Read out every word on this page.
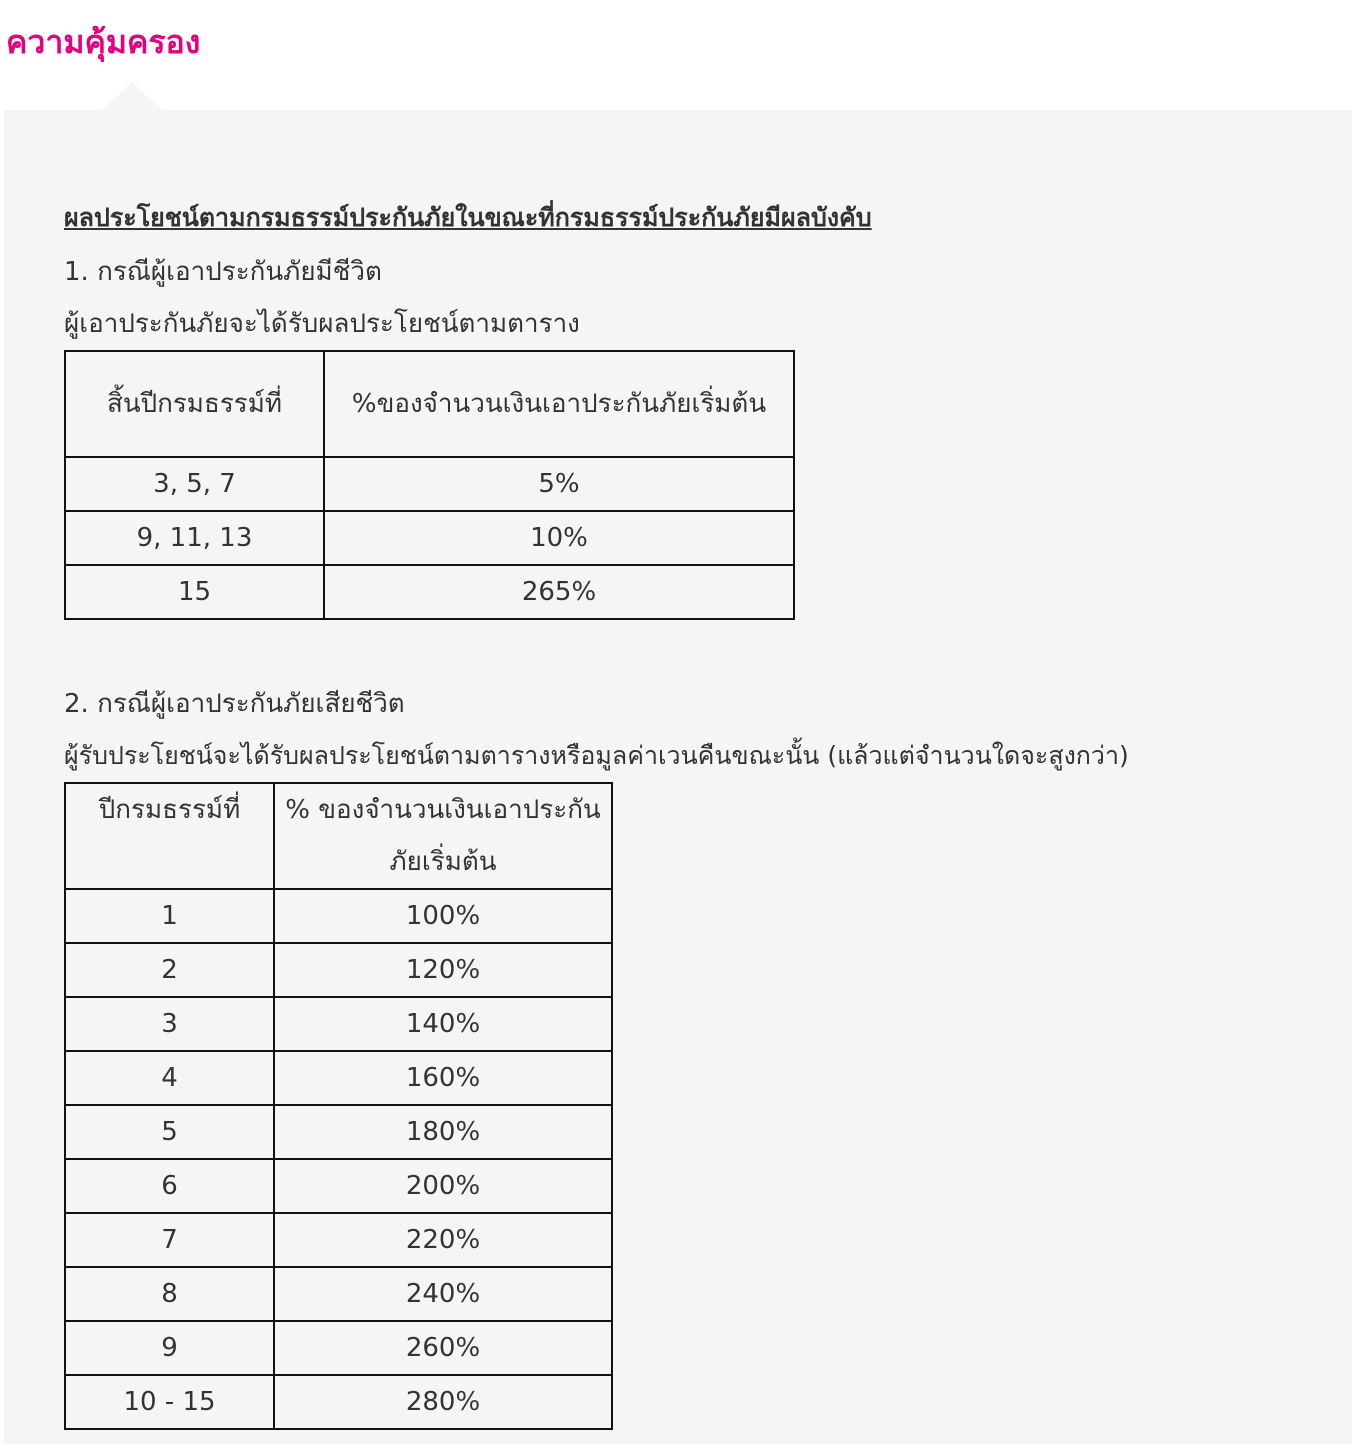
ความคุ้มครอง
ผลประโยชน์ตามกรมธรรม์ประกันภัยในขณะที่กรมธรรม์ประกันภัยมีผลบังคับ

1. กรณีผู้เอาประกันภัยมีชีวิต

ผู้เอาประกันภัยจะได้รับผลประโยชน์ตามตาราง

สิ้นปีกรมธรรม์ที่	%ของจำนวนเงินเอาประกันภัยเริ่มต้น
3, 5, 7	5%
9, 11, 13	10%
15	265%

2. กรณีผู้เอาประกันภัยเสียชีวิต

ผู้รับประโยชน์จะได้รับผลประโยชน์ตามตารางหรือมูลค่าเวนคืนขณะนั้น (แล้วแต่จำนวนใดจะสูงกว่า)

ปีกรมธรรม์ที่	% ของจำนวนเงินเอาประกันภัยเริ่มต้น
1	100%
2	120%
3	140%
4	160%
5	180%
6	200%
7	220%
8	240%
9	260%
10 - 15	280%
